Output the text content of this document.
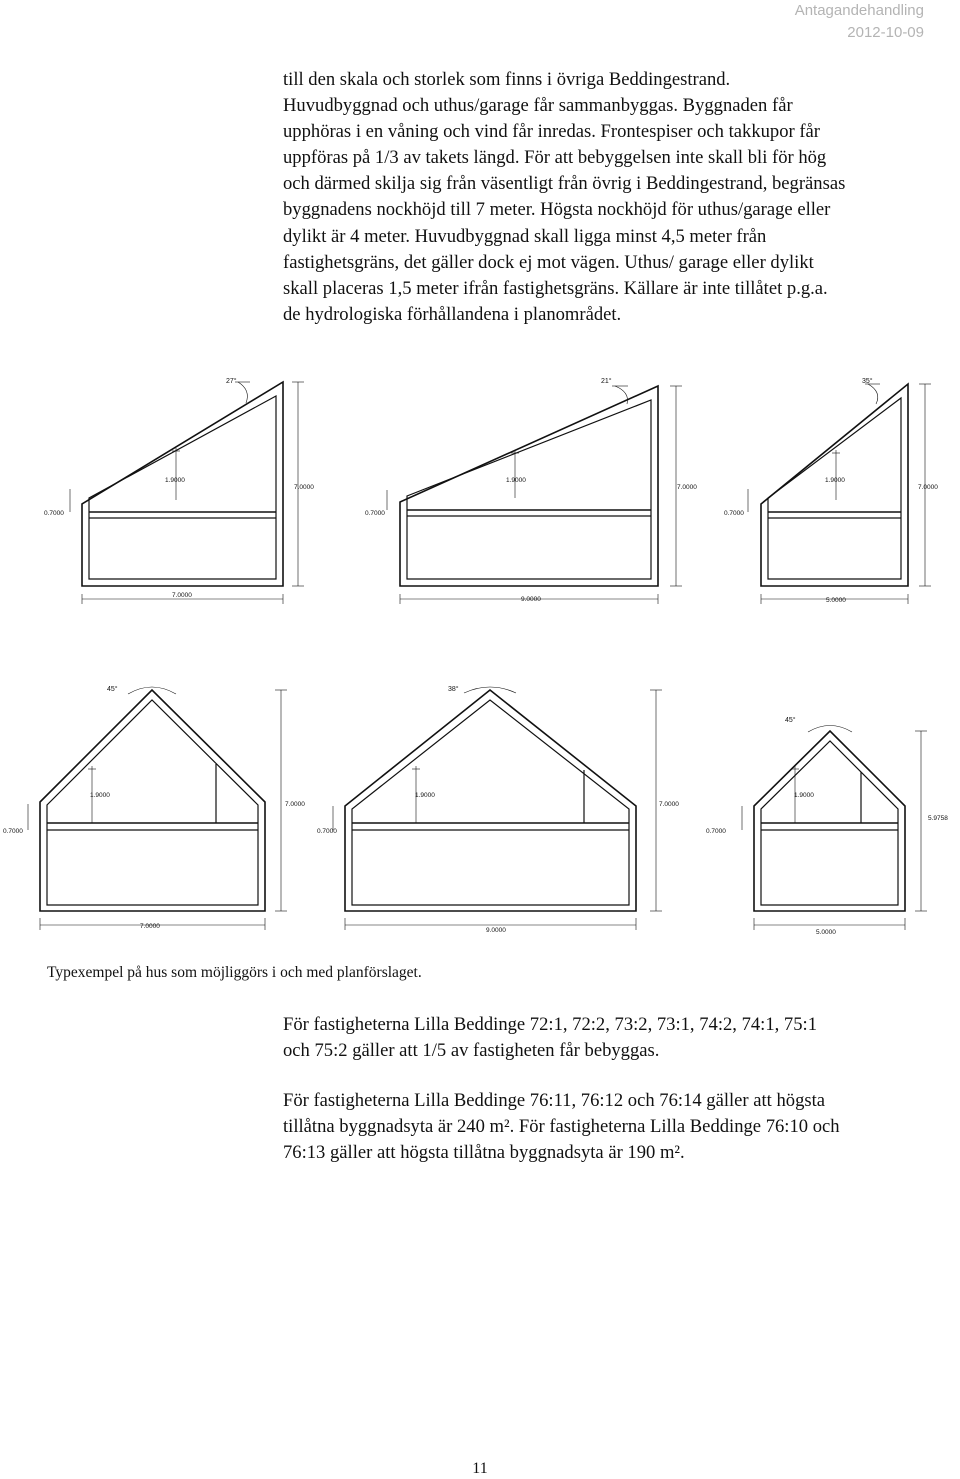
Antagandehandling
2012-10-09

till den skala och storlek som finns i övriga Beddingestrand.
Huvudbyggnad och uthus/garage får sammanbyggas. Byggnaden får
upphöras i en våning och vind får inredas. Frontespiser och takkupor får
uppföras på 1/3 av takets längd. För att bebyggelsen inte skall bli för hög
och därmed skilja sig från väsentligt från övrig i Beddingestrand, begränsas
byggnadens nockhöjd till 7 meter. Högsta nockhöjd för uthus/garage eller
dylikt är 4 meter. Huvudbyggnad skall ligga minst 4,5 meter från
fastighetsgräns, det gäller dock ej mot vägen. Uthus/ garage eller dylikt
skall placeras 1,5 meter ifrån fastighetsgräns. Källare är inte tillåtet p.g.a.
de hydrologiska förhållandena i planområdet.

27°
1.9000
7.0000
0.7000
7.0000
21°
1.9000
7.0000
0.7000
9.0000
35°
1.9000
7.0000
0.7000
5.0000
45°
1.9000
7.0000
0.7000
7.0000
38°
1.9000
7.0000
0.7000
9.0000
45°
1.9000
5.9758
0.7000
5.0000

Typexempel på hus som möjliggörs i och med planförslaget.

För fastigheterna Lilla Beddinge 72:1, 72:2, 73:2, 73:1, 74:2, 74:1, 75:1
och 75:2 gäller att 1/5 av fastigheten får bebyggas.

För fastigheterna Lilla Beddinge 76:11, 76:12 och 76:14 gäller att högsta
tillåtna byggnadsyta är 240 m². För fastigheterna Lilla Beddinge 76:10 och
76:13 gäller att högsta tillåtna byggnadsyta är 190 m².

11
